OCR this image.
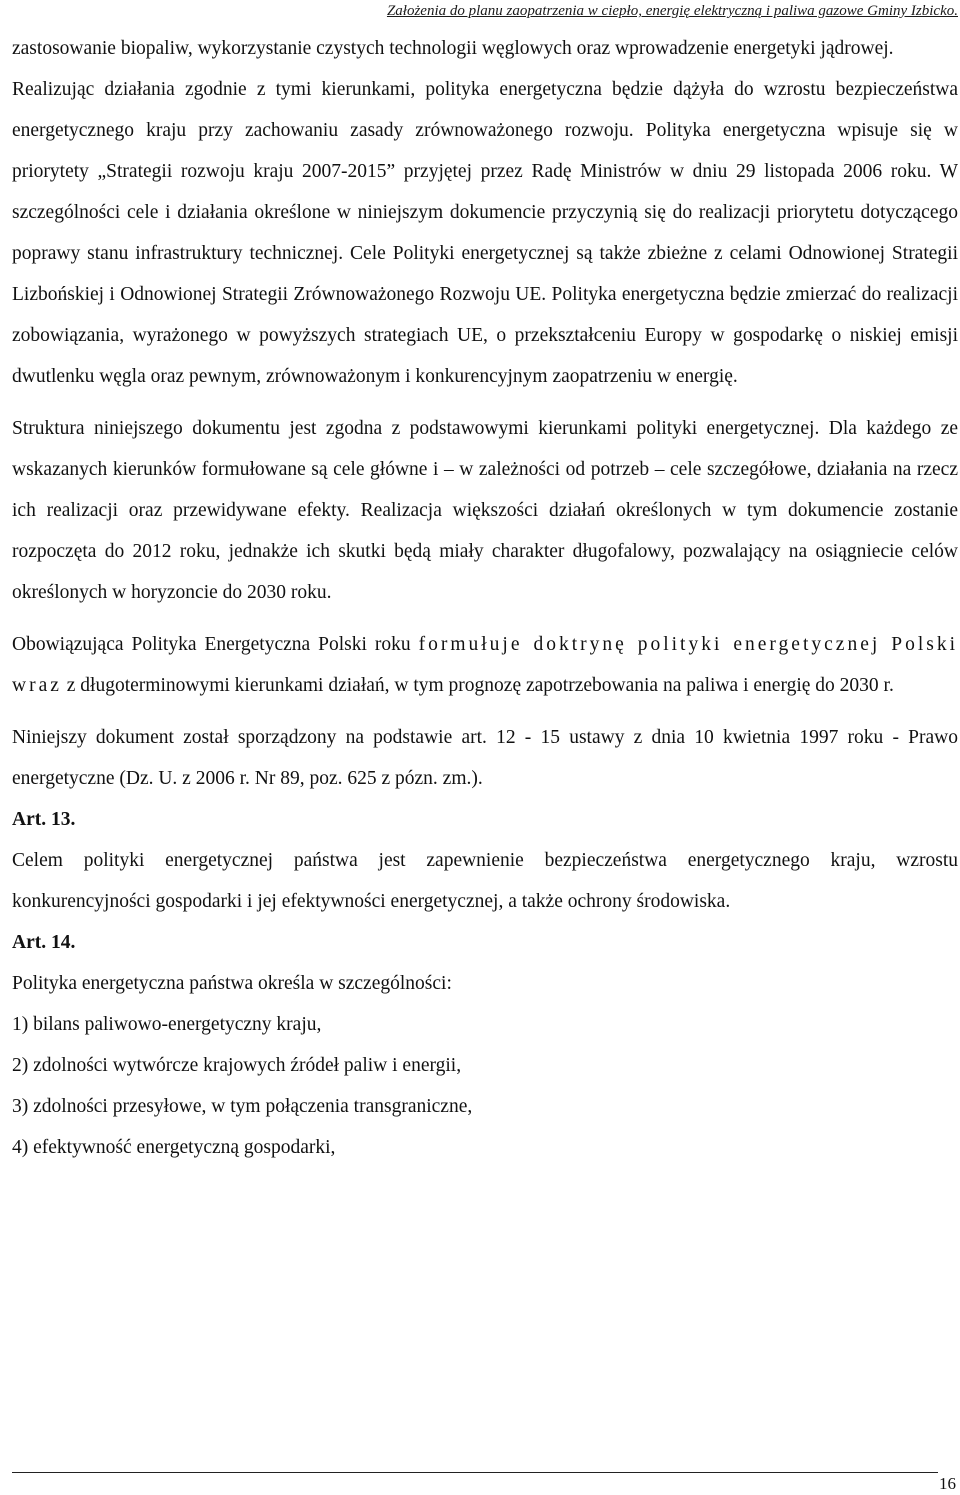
Założenia do planu zaopatrzenia w ciepło, energię elektryczną i paliwa gazowe Gminy Izbicko.

zastosowanie biopaliw, wykorzystanie czystych technologii węglowych oraz wprowadzenie energetyki jądrowej.

Realizując działania zgodnie z tymi kierunkami, polityka energetyczna będzie dążyła do wzrostu bezpieczeństwa energetycznego kraju przy zachowaniu zasady zrównoważonego rozwoju. Polityka energetyczna wpisuje się w priorytety „Strategii rozwoju kraju 2007-2015” przyjętej przez Radę Ministrów w dniu 29 listopada 2006 roku. W szczególności cele i działania określone w niniejszym dokumencie przyczynią się do realizacji priorytetu dotyczącego poprawy stanu infrastruktury technicznej. Cele Polityki energetycznej są także zbieżne z celami Odnowionej Strategii Lizbońskiej i Odnowionej Strategii Zrównoważonego Rozwoju UE. Polityka energetyczna będzie zmierzać do realizacji zobowiązania, wyrażonego w powyższych strategiach UE, o przekształceniu Europy w gospodarkę o niskiej emisji dwutlenku węgla oraz pewnym, zrównoważonym i konkurencyjnym zaopatrzeniu w energię.

Struktura niniejszego dokumentu jest zgodna z podstawowymi kierunkami polityki energetycznej. Dla każdego ze wskazanych kierunków formułowane są cele główne i – w zależności od potrzeb – cele szczegółowe, działania na rzecz ich realizacji oraz przewidywane efekty. Realizacja większości działań określonych w tym dokumencie zostanie rozpoczęta do 2012 roku, jednakże ich skutki będą miały charakter długofalowy, pozwalający na osiągniecie celów określonych w horyzoncie do 2030 roku.

Obowiązująca Polityka Energetyczna Polski roku formułuje doktrynę polityki energetycznej Polski wraz z długoterminowymi kierunkami działań, w tym prognozę zapotrzebowania na paliwa i energię do 2030 r.

Niniejszy dokument został sporządzony na podstawie art. 12 - 15 ustawy z dnia 10 kwietnia 1997 roku - Prawo energetyczne (Dz. U. z 2006 r. Nr 89, poz. 625 z pózn. zm.).

Art. 13.

Celem polityki energetycznej państwa jest zapewnienie bezpieczeństwa energetycznego kraju, wzrostu konkurencyjności gospodarki i jej efektywności energetycznej, a także ochrony środowiska.

Art. 14.

Polityka energetyczna państwa określa w szczególności:

1) bilans paliwowo-energetyczny kraju,

2) zdolności wytwórcze krajowych źródeł paliw i energii,

3) zdolności przesyłowe, w tym połączenia transgraniczne,

4) efektywność energetyczną gospodarki,

16
